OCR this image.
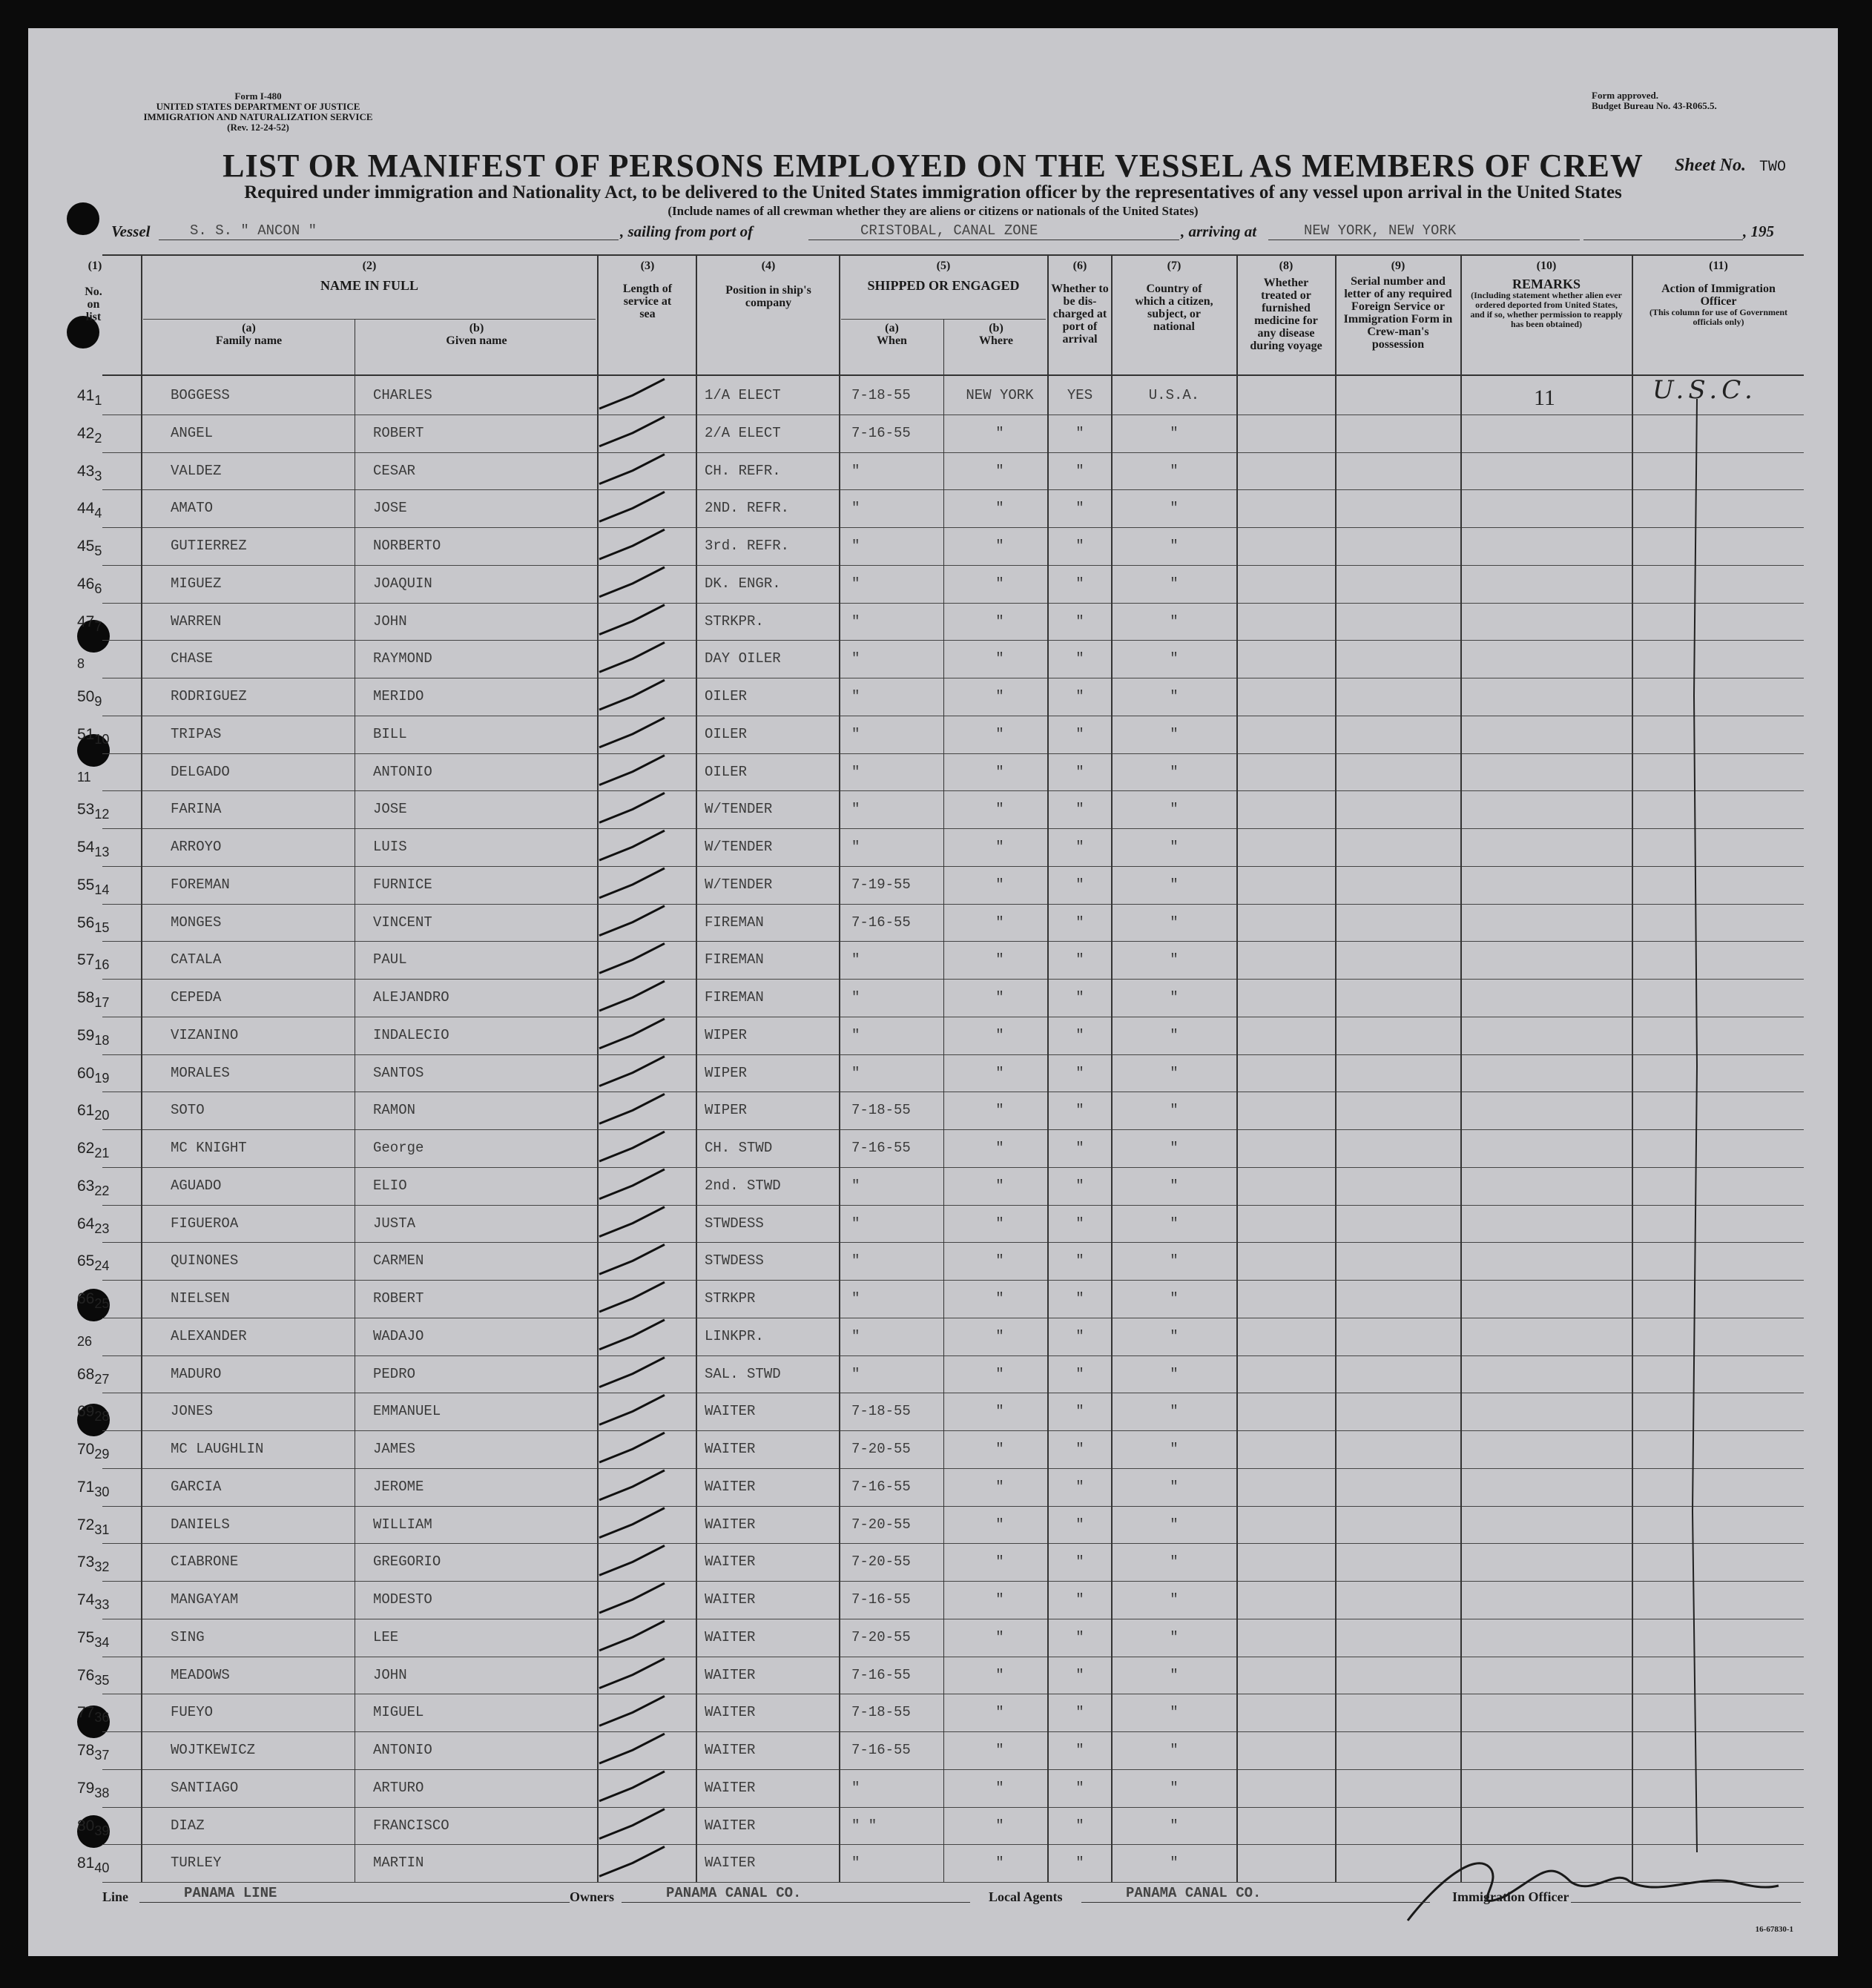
Form I-480
UNITED STATES DEPARTMENT OF JUSTICE
IMMIGRATION AND NATURALIZATION SERVICE
(Rev. 12-24-52)
Form approved.
Budget Bureau No. 43-R065.5.
LIST OR MANIFEST OF PERSONS EMPLOYED ON THE VESSEL AS MEMBERS OF CREW	Sheet No. TWO
Required under immigration and Nationality Act, to be delivered to the United States immigration officer by the representatives of any vessel upon arrival in the United States
(Include names of all crewman whether they are aliens or citizens or nationals of the United States)
Vessel	S. S. " ANCON "	, sailing from port of	CRISTOBAL, CANAL ZONE	, arriving at	NEW YORK, NEW YORK	, 195
(1)
No. on list
(2)
NAME IN FULL
(a)
Family name
(b)
Given name
(3)
Length of service at sea
(4)
Position in ship's company
(5)
SHIPPED OR ENGAGED
(a)
When
(b)
Where
(6)
Whether to be dis-charged at port of arrival
(7)
Country of which a citizen, subject, or national
(8)
Whether treated or furnished medicine for any disease during voyage
(9)
Serial number and letter of any required Foreign Service or Immigration Form in Crew-man's possession
(10)
REMARKS
(Including statement whether alien ever ordered deported from United States, and if so, whether permission to reapply has been obtained)
(11)
Action of Immigration Officer
(This column for use of Government officials only)
$41_1$	BOGGESS	CHARLES	1/A ELECT	7-18-55	NEW YORK	YES	U.S.A.
$42_2$	ANGEL	ROBERT	2/A ELECT	7-16-55	"	"	"
$43_3$	VALDEZ	CESAR	CH. REFR.	"	"	"	"
$44_4$	AMATO	JOSE	2ND. REFR.	"	"	"	"
$45_5$	GUTIERREZ	NORBERTO	3rd. REFR.	"	"	"	"
$46_6$	MIGUEZ	JOAQUIN	DK. ENGR.	"	"	"	"
$47_7$	WARREN	JOHN	STRKPR.	"	"	"	"
$_8$	CHASE	RAYMOND	DAY OILER	"	"	"	"
$50_9$	RODRIGUEZ	MERIDO	OILER	"	"	"	"
$51_{10}$	TRIPAS	BILL	OILER	"	"	"	"
$_{11}$	DELGADO	ANTONIO	OILER	"	"	"	"
$53_{12}$	FARINA	JOSE	W/TENDER	"	"	"	"
$54_{13}$	ARROYO	LUIS	W/TENDER	"	"	"	"
$55_{14}$	FOREMAN	FURNICE	W/TENDER	7-19-55	"	"	"
$56_{15}$	MONGES	VINCENT	FIREMAN	7-16-55	"	"	"
$57_{16}$	CATALA	PAUL	FIREMAN	"	"	"	"
$58_{17}$	CEPEDA	ALEJANDRO	FIREMAN	"	"	"	"
$59_{18}$	VIZANINO	INDALECIO	WIPER	"	"	"	"
$60_{19}$	MORALES	SANTOS	WIPER	"	"	"	"
$61_{20}$	SOTO	RAMON	WIPER	7-18-55	"	"	"
$62_{21}$	MC KNIGHT	George	CH. STWD	7-16-55	"	"	"
$63_{22}$	AGUADO	ELIO	2nd. STWD	"	"	"	"
$64_{23}$	FIGUEROA	JUSTA	STWDESS	"	"	"	"
$65_{24}$	QUINONES	CARMEN	STWDESS	"	"	"	"
$66_{25}$	NIELSEN	ROBERT	STRKPR	"	"	"	"
$_{26}$	ALEXANDER	WADAJO	LINKPR.	"	"	"	"
$68_{27}$	MADURO	PEDRO	SAL. STWD	"	"	"	"
$69_{28}$	JONES	EMMANUEL	WAITER	7-18-55	"	"	"
$70_{29}$	MC LAUGHLIN	JAMES	WAITER	7-20-55	"	"	"
$71_{30}$	GARCIA	JEROME	WAITER	7-16-55	"	"	"
$72_{31}$	DANIELS	WILLIAM	WAITER	7-20-55	"	"	"
$73_{32}$	CIABRONE	GREGORIO	WAITER	7-20-55	"	"	"
$74_{33}$	MANGAYAM	MODESTO	WAITER	7-16-55	"	"	"
$75_{34}$	SING	LEE	WAITER	7-20-55	"	"	"
$76_{35}$	MEADOWS	JOHN	WAITER	7-16-55	"	"	"
$77_{36}$	FUEYO	MIGUEL	WAITER	7-18-55	"	"	"
$78_{37}$	WOJTKEWICZ	ANTONIO	WAITER	7-16-55	"	"	"
$79_{38}$	SANTIAGO	ARTURO	WAITER	"	"	"	"
$80_{39}$	DIAZ	FRANCISCO	WAITER	" "	"	"	"
$81_{40}$	TURLEY	MARTIN	WAITER	"	"	"	"
11	U.S.C.
Line	PANAMA LINE	Owners	PANAMA CANAL CO.	Local Agents	PANAMA CANAL CO.	Immigration Officer
16-67830-1
